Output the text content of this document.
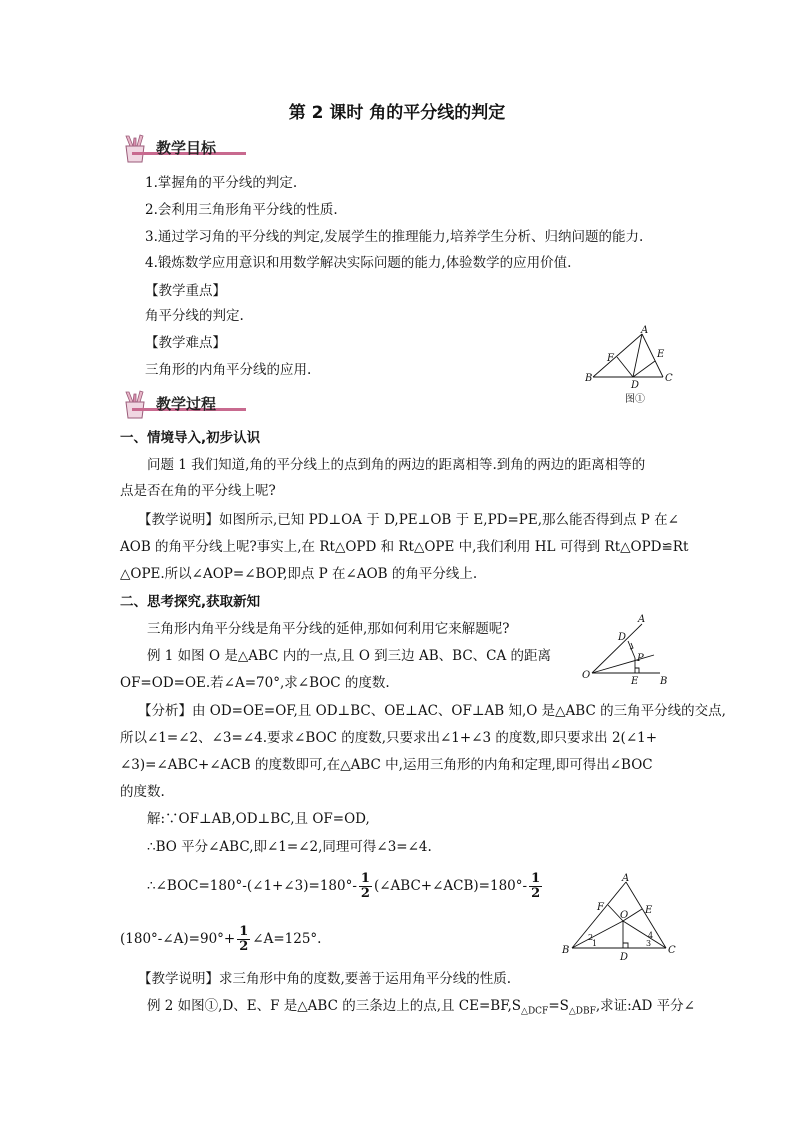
第 2 课时 角的平分线的判定
教学目标
1.掌握角的平分线的判定.
2.会利用三角形角平分线的性质.
3.通过学习角的平分线的判定,发展学生的推理能力,培养学生分析、归纳问题的能力.
4.锻炼数学应用意识和用数学解决实际问题的能力,体验数学的应用价值.
【教学重点】
角平分线的判定.
【教学难点】
三角形的内角平分线的应用.
A
B	C
D
E
F
图①
教学过程
一、情境导入,初步认识
问题 1 我们知道,角的平分线上的点到角的两边的距离相等.到角的两边的距离相等的
点是否在角的平分线上呢?
【教学说明】如图所示,已知 PD⊥OA 于 D,PE⊥OB 于 E,PD=PE,那么能否得到点 P 在∠
AOB 的角平分线上呢?事实上,在 Rt△OPD 和 Rt△OPE 中,我们利用 HL 可得到 Rt△OPD≌Rt
△OPE.所以∠AOP=∠BOP,即点 P 在∠AOB 的角平分线上.
二、思考探究,获取新知
三角形内角平分线是角平分线的延伸,那如何利用它来解题呢?
例 1 如图 O 是△ABC 内的一点,且 O 到三边 AB、BC、CA 的距离
OF=OD=OE.若∠A=70°,求∠BOC 的度数.
A
D
P
O
E B
【分析】由 OD=OE=OF,且 OD⊥BC、OE⊥AC、OF⊥AB 知,O 是△ABC 的三角平分线的交点,
所以∠1=∠2、∠3=∠4.要求∠BOC 的度数,只要求出∠1+∠3 的度数,即只要求出 2(∠1+
∠3)=∠ABC+∠ACB 的度数即可,在△ABC 中,运用三角形的内角和定理,即可得出∠BOC
的度数.
解:∵OF⊥AB,OD⊥BC,且 OF=OD,
∴BO 平分∠ABC,即∠1=∠2,同理可得∠3=∠4.
∴∠BOC=180°-(∠1+∠3)=180°- $\frac{1}{2}$ (∠ABC+∠ACB)=180°- $\frac{1}{2}$
(180°-∠A)=90°+ $\frac{1}{2}$ ∠A=125°.
A
B	C
D
E
F
O
1
2
3
4
【教学说明】求三角形中角的度数,要善于运用角平分线的性质.
例 2 如图①,D、E、F 是△ABC 的三条边上的点,且 $CE=BF,S_{\triangle DCF}=S_{\triangle DBF}$,求证:AD 平分∠
